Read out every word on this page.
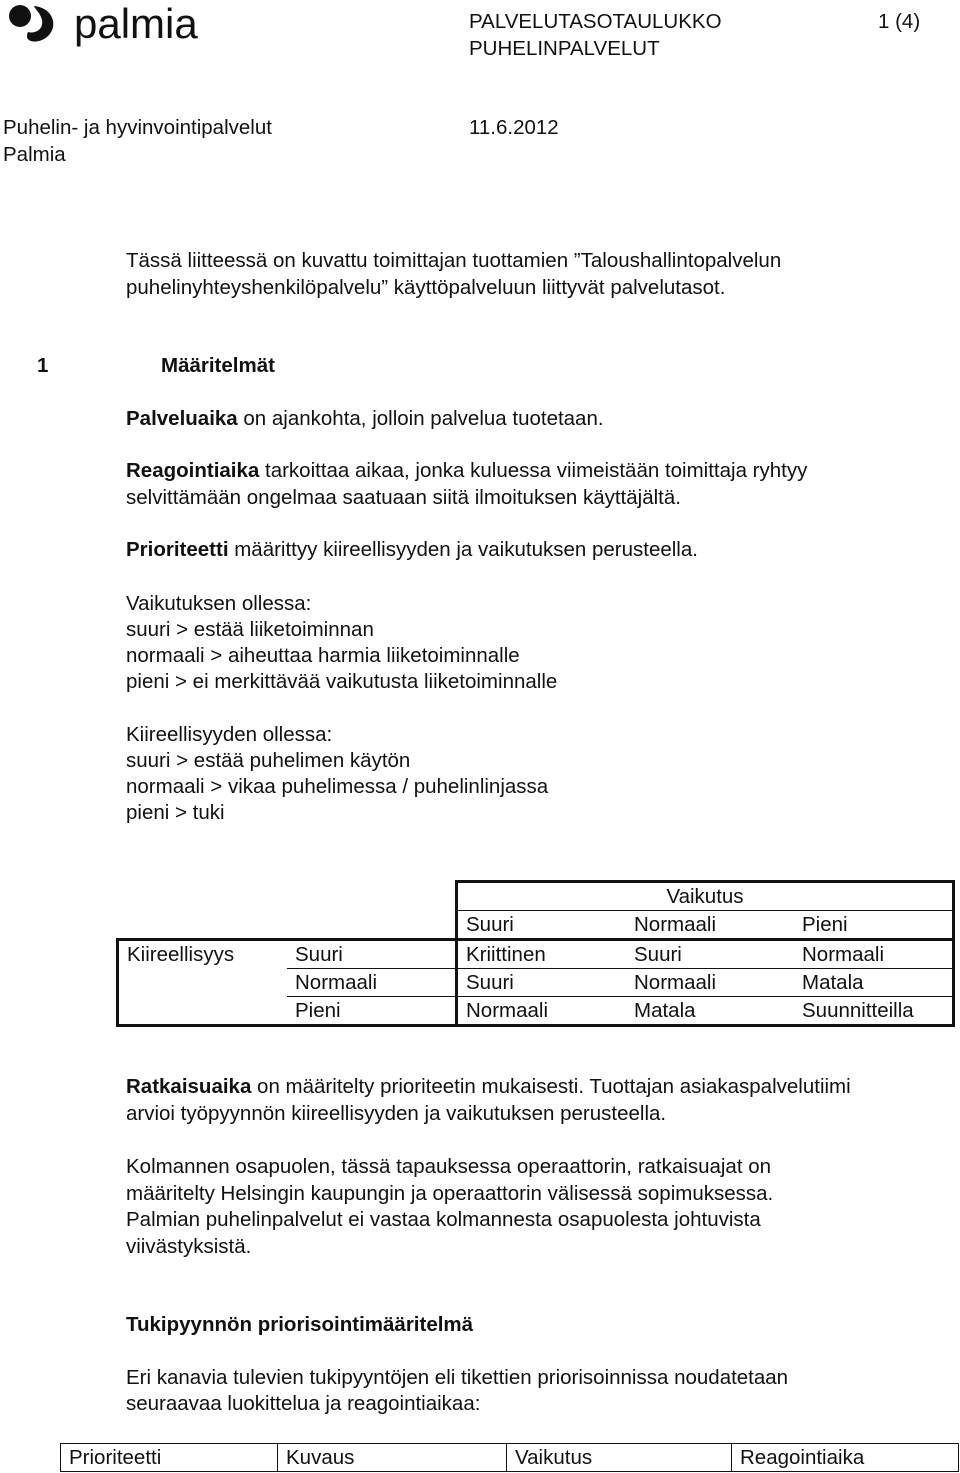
palmia	PALVELUTASOTAULUKKO
PUHELINPALVELUT
1 (4)
Puhelin- ja hyvinvointipalvelut	11.6.2012
Palmia
Tässä liitteessä on kuvattu toimittajan tuottamien ”Taloushallintopalvelun
puhelinyhteyshenkilöpalvelu” käyttöpalveluun liittyvät palvelutasot.
1	Määritelmät
Palveluaika on ajankohta, jolloin palvelua tuotetaan.
Reagointiaika tarkoittaa aikaa, jonka kuluessa viimeistään toimittaja ryhtyy
selvittämään ongelmaa saatuaan siitä ilmoituksen käyttäjältä.
Prioriteetti määrittyy kiireellisyyden ja vaikutuksen perusteella.
Vaikutuksen ollessa:
suuri > estää liiketoiminnan
normaali > aiheuttaa harmia liiketoiminnalle
pieni > ei merkittävää vaikutusta liiketoiminnalle
Kiireellisyyden ollessa:
suuri > estää puhelimen käytön
normaali > vikaa puhelimessa / puhelinlinjassa
pieni > tuki
		Vaikutus		
		Suuri	Normaali	Pieni
Kiireellisyys	Suuri	Kriittinen	Suuri	Normaali
	Normaali	Suuri	Normaali	Matala
	Pieni	Normaali	Matala	Suunnitteilla
Ratkaisuaika on määritelty prioriteetin mukaisesti. Tuottajan asiakaspalvelutiimi
arvioi työpyynnön kiireellisyyden ja vaikutuksen perusteella.
Kolmannen osapuolen, tässä tapauksessa operaattorin, ratkaisuajat on
määritelty Helsingin kaupungin ja operaattorin välisessä sopimuksessa.
Palmian puhelinpalvelut ei vastaa kolmannesta osapuolesta johtuvista
viivästyksistä.
Tukipyynnön priorisointimääritelmä
Eri kanavia tulevien tukipyyntöjen eli tikettien priorisoinnissa noudatetaan
seuraavaa luokittelua ja reagointiaikaa:
Prioriteetti	Kuvaus	Vaikutus	Reagointiaika
